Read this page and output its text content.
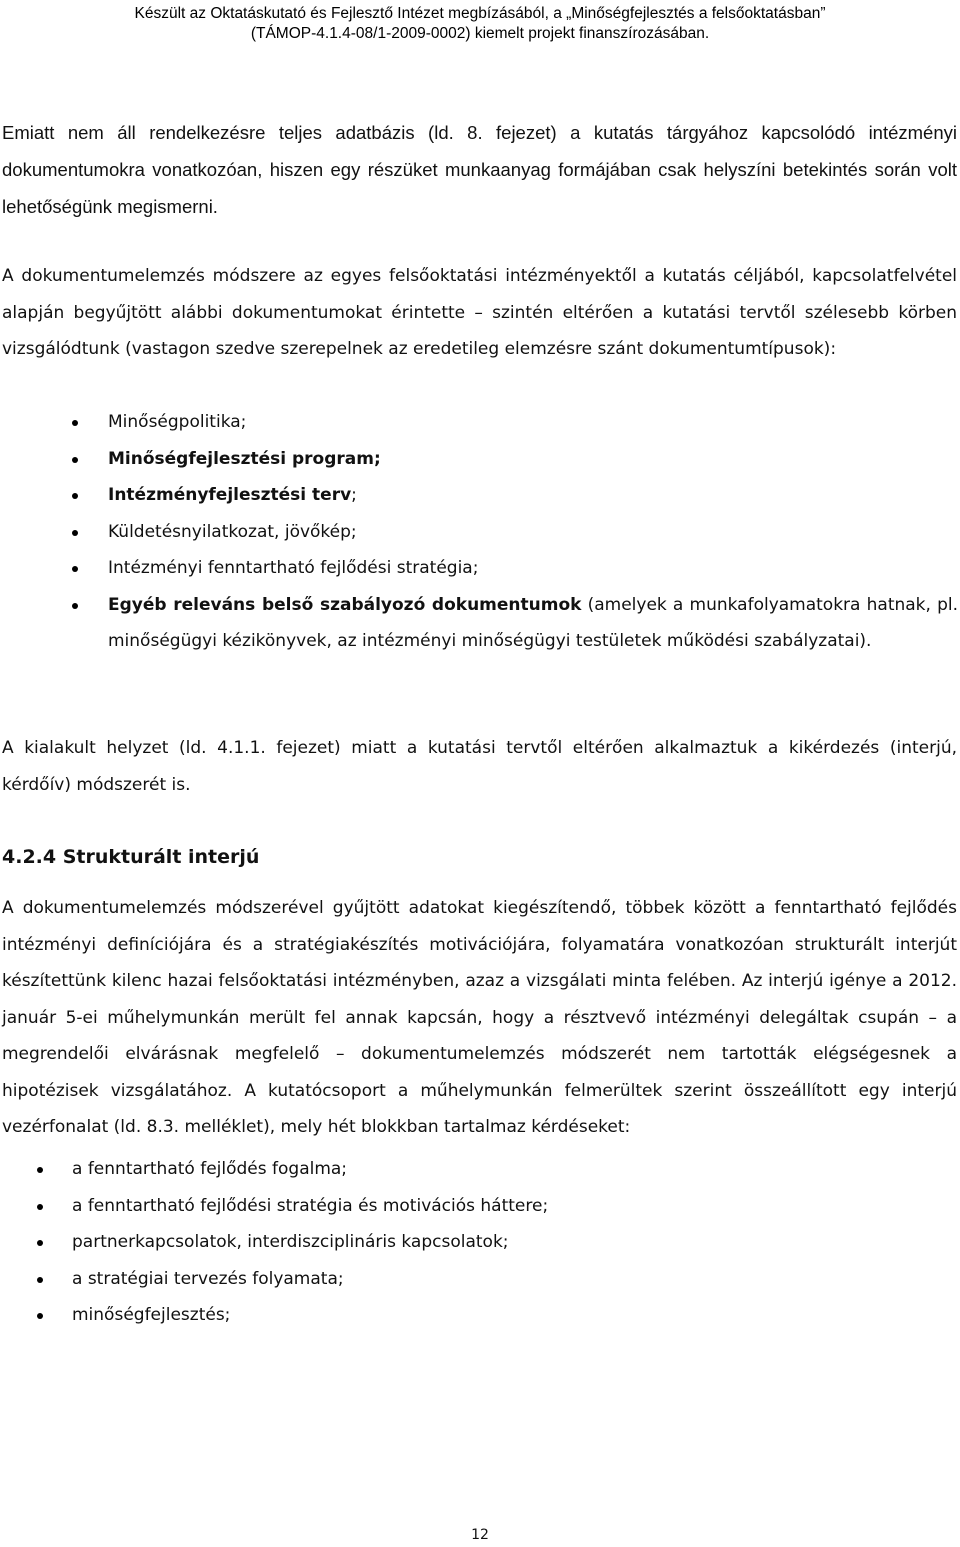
Készült az Oktatáskutató és Fejlesztő Intézet megbízásából, a „Minőségfejlesztés a felsőoktatásban”
(TÁMOP-4.1.4-08/1-2009-0002) kiemelt projekt finanszírozásában.
Emiatt nem áll rendelkezésre teljes adatbázis (ld. 8. fejezet) a kutatás tárgyához kapcsolódó intézményi dokumentumokra vonatkozóan, hiszen egy részüket munkaanyag formájában csak helyszíni betekintés során volt lehetőségünk megismerni.
A dokumentumelemzés módszere az egyes felsőoktatási intézményektől a kutatás céljából, kapcsolatfelvétel alapján begyűjtött alábbi dokumentumokat érintette – szintén eltérően a kutatási tervtől szélesebb körben vizsgálódtunk (vastagon szedve szerepelnek az eredetileg elemzésre szánt dokumentumtípusok):
Minőségpolitika;
Minőségfejlesztési program;
Intézményfejlesztési terv;
Küldetésnyilatkozat, jövőkép;
Intézményi fenntartható fejlődési stratégia;
Egyéb releváns belső szabályozó dokumentumok (amelyek a munkafolyamatokra hatnak, pl. minőségügyi kézikönyvek, az intézményi minőségügyi testületek működési szabályzatai).
A kialakult helyzet (ld. 4.1.1. fejezet) miatt a kutatási tervtől eltérően alkalmaztuk a kikérdezés (interjú, kérdőív) módszerét is.
4.2.4 Strukturált interjú
A dokumentumelemzés módszerével gyűjtött adatokat kiegészítendő, többek között a fenntartható fejlődés intézményi definíciójára és a stratégiakészítés motivációjára, folyamatára vonatkozóan strukturált interjút készítettünk kilenc hazai felsőoktatási intézményben, azaz a vizsgálati minta felében. Az interjú igénye a 2012. január 5-ei műhelymunkán merült fel annak kapcsán, hogy a résztvevő intézményi delegáltak csupán – a megrendelői elvárásnak megfelelő – dokumentumelemzés módszerét nem tartották elégségesnek a hipotézisek vizsgálatához. A kutatócsoport a műhelymunkán felmerültek szerint összeállított egy interjú vezérfonalat (ld. 8.3. melléklet), mely hét blokkban tartalmaz kérdéseket:
a fenntartható fejlődés fogalma;
a fenntartható fejlődési stratégia és motivációs háttere;
partnerkapcsolatok, interdiszciplináris kapcsolatok;
a stratégiai tervezés folyamata;
minőségfejlesztés;
12
